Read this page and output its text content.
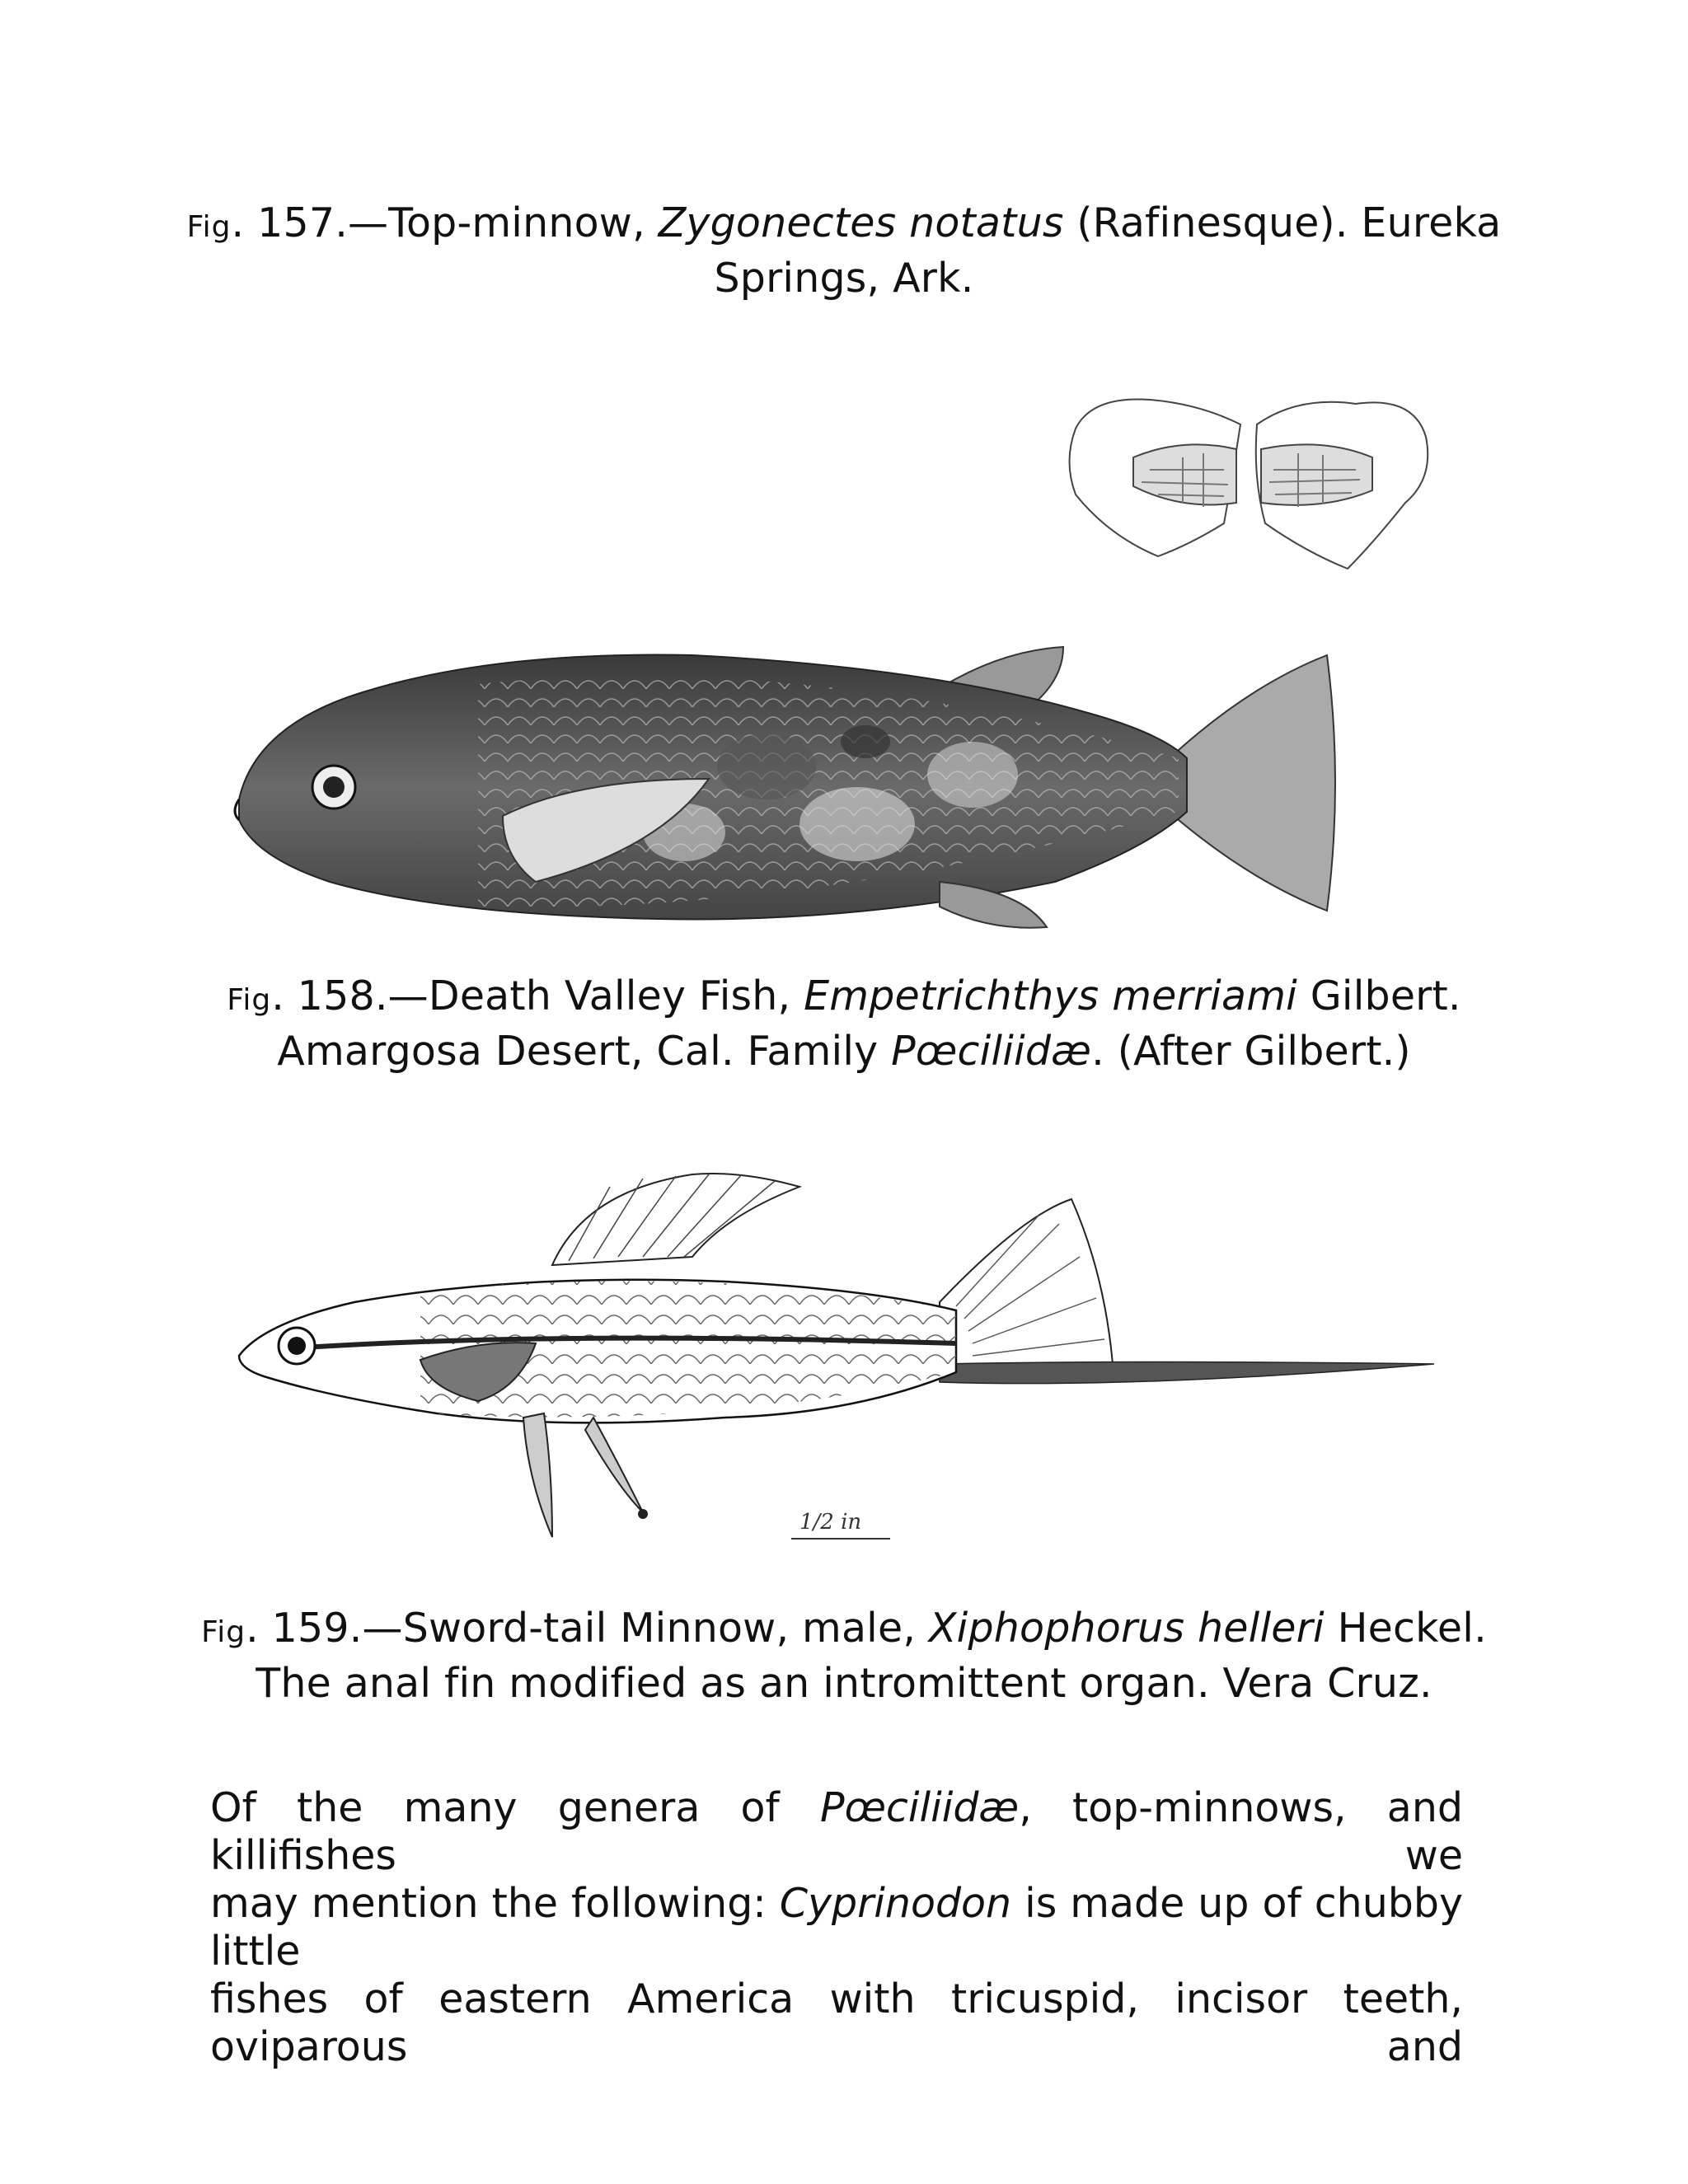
Fig. 157.—Top-minnow, Zygonectes notatus (Rafinesque). Eureka
Springs, Ark.
Fig. 158.—Death Valley Fish, Empetrichthys merriami Gilbert.
Amargosa Desert, Cal. Family Pœciliidæ. (After Gilbert.)
1/2 in
Fig. 159.—Sword-tail Minnow, male, Xiphophorus helleri Heckel.
The anal fin modified as an intromittent organ. Vera Cruz.
Of the many genera of Pœciliidæ, top-minnows, and killifishes we
may mention the following: Cyprinodon is made up of chubby little
fishes of eastern America with tricuspid, incisor teeth, oviparous and
